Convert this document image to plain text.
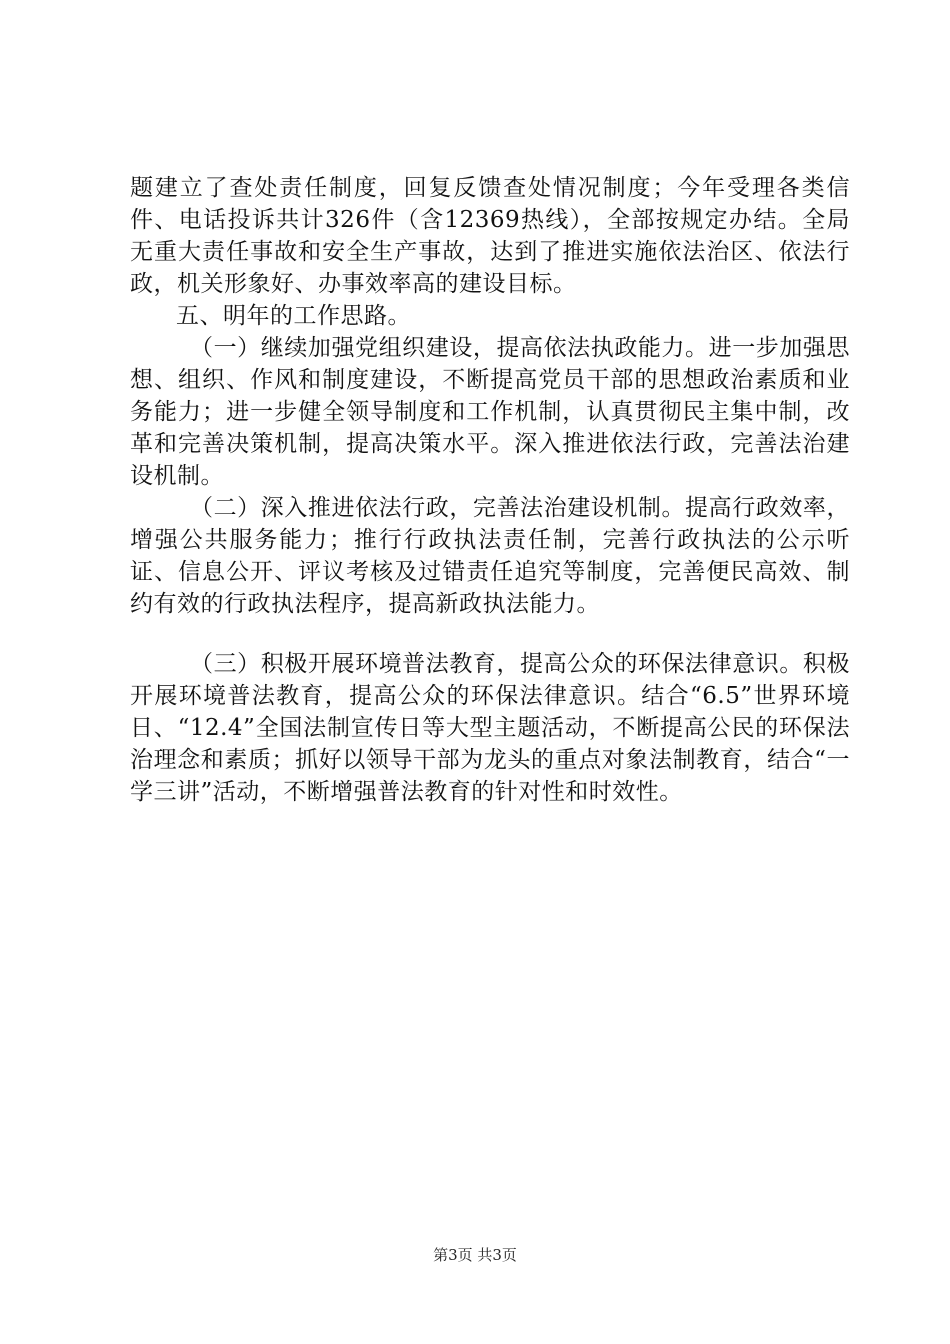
题建立了查处责任制度，回复反馈查处情况制度；今年受理各类信件、电话投诉共计326件（含12369热线），全部按规定办结。全局无重大责任事故和安全生产事故，达到了推进实施依法治区、依法行政，机关形象好、办事效率高的建设目标。

五、明年的工作思路。

（一）继续加强党组织建设，提高依法执政能力。进一步加强思想、组织、作风和制度建设，不断提高党员干部的思想政治素质和业务能力；进一步健全领导制度和工作机制，认真贯彻民主集中制，改革和完善决策机制，提高决策水平。深入推进依法行政，完善法治建设机制。

（二）深入推进依法行政，完善法治建设机制。提高行政效率，增强公共服务能力；推行行政执法责任制，完善行政执法的公示听证、信息公开、评议考核及过错责任追究等制度，完善便民高效、制约有效的行政执法程序，提高新政执法能力。

（三）积极开展环境普法教育，提高公众的环保法律意识。积极开展环境普法教育，提高公众的环保法律意识。结合“6.5”世界环境日、“12.4”全国法制宣传日等大型主题活动，不断提高公民的环保法治理念和素质；抓好以领导干部为龙头的重点对象法制教育，结合“一学三讲”活动，不断增强普法教育的针对性和时效性。

第3页 共3页
